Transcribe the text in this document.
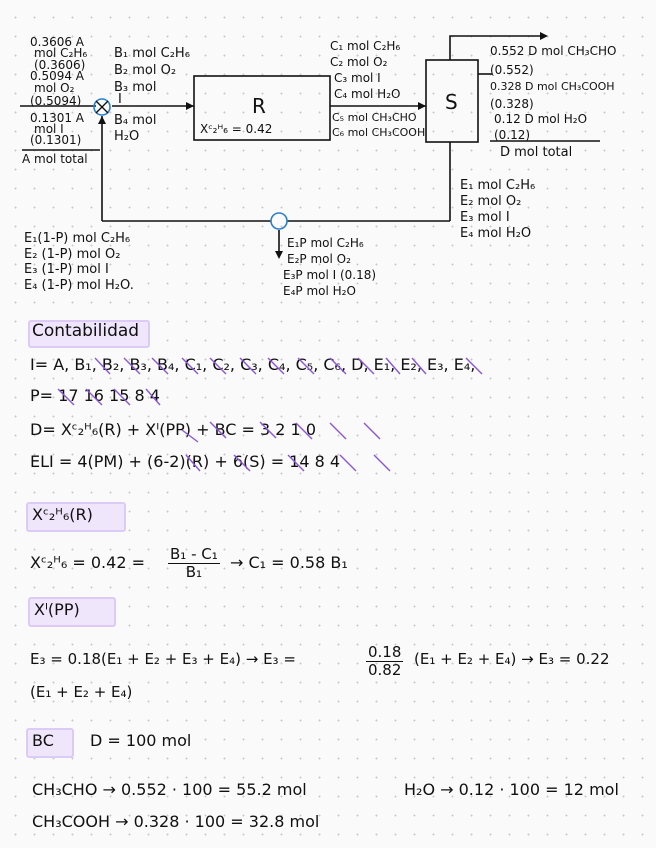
0.3606 A
mol C₂H₆
(0.3606)
0.5094 A
mol O₂
(0.5094)
0.1301 A
mol I
(0.1301)
A mol total
B₁ mol C₂H₆
B₂ mol O₂
B₃ mol
I
B₄ mol
H₂O
R
Xᶜ₂ᴴ₆ = 0.42
C₁ mol C₂H₆
C₂ mol O₂
C₃ mol I
C₄ mol H₂O
C₅ mol CH₃CHO
C₆ mol CH₃COOH
S
0.552 D mol CH₃CHO
(0.552)
0.328 D mol CH₃COOH
(0.328)
0.12 D mol H₂O
(0.12)
D mol total
E₁ mol C₂H₆
E₂ mol O₂
E₃ mol I
E₄ mol H₂O
E₁(1-P) mol C₂H₆
E₂ (1-P) mol O₂
E₃ (1-P) mol I
E₄ (1-P) mol H₂O.
E₁P mol C₂H₆
E₂P mol O₂
E₃P mol I (0.18)
E₄P mol H₂O
Contabilidad
I= A, B₁, B₂, B₃, B₄, C₁, C₂, C₃, C₄, C₅, C₆, D, E₁, E₂, E₃, E₄,
P= 17 16 15 8 4
D= Xᶜ₂ᴴ₆(R) + Xᴵ(PP) + BC = 3 2 1 0
ELI = 4(PM) + (6-2)(R) + 6(S) = 14 8 4
Xᶜ₂ᴴ₆(R)
Xᶜ₂ᴴ₆ = $0.42 = \frac{\text{B₁ - C₁}}{\text{B₁}} \to C_1 = 0.58$ B₁
Xᴵ(PP)
E₃ = 0.18(E₁ + E₂ + E₃ + E₄) → E₃ =	$\frac{0.18}{0.82} (E_1 + E_2 + E_4) \to E_3 = 0.22$
(E₁ + E₂ + E₄)
BC D = 100 mol
CH₃CHO → 0.552 · 100 = 55.2 mol	H₂O → 0.12 · 100 = 12 mol
CH₃COOH → 0.328 · 100 = 32.8 mol
